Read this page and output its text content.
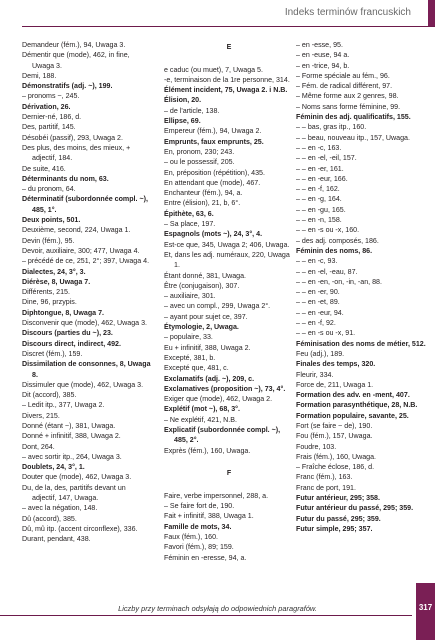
Indeks terminów francuskich
Demandeur (fém.), 94, Uwaga 3.
Démentir que (mode), 462, in fine, Uwaga 3.
Demi, 188.
Démonstratifs (adj. ~), 199.
– pronoms ~, 245.
Dérivation, 26.
Dernier-né, 186, d.
Des, partitif, 145.
Désobéi (passif), 293, Uwaga 2.
Des plus, des moins, des mieux, + adjectif, 184.
De suite, 416.
Déterminants du nom, 63.
– du pronom, 64.
Déterminatif (subordonnée compl. ~), 485, 1°.
Deux points, 501.
Deuxième, second, 224, Uwaga 1.
Devin (fém.), 95.
Devoir, auxiliaire, 300; 477, Uwaga 4.
– précédé de ce, 251, 2°; 397, Uwaga 4.
Dialectes, 24, 3°, 3.
Diérèse, 8, Uwaga 7.
Différents, 215.
Dine, 96, przypis.
Diphtongue, 8, Uwaga 7.
Disconvenir que (mode), 462, Uwaga 3.
Discours (parties du ~), 23.
Discours direct, indirect, 492.
Discret (fém.), 159.
Dissimilation de consonnes, 8, Uwaga 8.
Dissimuler que (mode), 462, Uwaga 3.
Dit (accord), 385.
– Ledit itp., 377, Uwaga 2.
Divers, 215.
Donné (étant ~), 381, Uwaga.
Donné + infinitif, 388, Uwaga 2.
Dont, 264.
– avec sortir itp., 264, Uwaga 3.
Doublets, 24, 3°, 1.
Douter que (mode), 462, Uwaga 3.
Du, de la, des, partitifs devant un adjectif, 147, Uwaga.
– avec la négation, 148.
Dû (accord), 385.
Dû, mû itp. (accent circonflexe), 336.
Durant, pendant, 438.
E
e caduc (ou muet), 7, Uwaga 5.
-e, terminaison de la 1re personne, 314.
Élément incident, 75, Uwaga 2. i N.B.
Élision, 20.
– de l'article, 138.
Ellipse, 69.
Empereur (fém.), 94, Uwaga 2.
Emprunts, faux emprunts, 25.
En, pronom, 230; 243.
– ou le possessif, 205.
En, préposition (répétition), 435.
En attendant que (mode), 467.
Enchanteur (fém.), 94, a.
Entre (élision), 21, b, 6°.
Épithète, 63, 6.
– Sa place, 197.
Espagnols (mots ~), 24, 3°, 4.
Est-ce que, 345, Uwaga 2; 406, Uwaga.
Et, dans les adj. numéraux, 220, Uwaga 1.
Étant donné, 381, Uwaga.
Être (conjugaison), 307.
– auxiliaire, 301.
– avec un compl., 299, Uwaga 2°.
– ayant pour sujet ce, 397.
Étymologie, 2, Uwaga.
– populaire, 33.
Eu + infinitif, 388, Uwaga 2.
Excepté, 381, b.
Excepté que, 481, c.
Exclamatifs (adj. ~), 209, c.
Exclamatives (proposition ~), 73, 4°.
Exiger que (mode), 462, Uwaga 2.
Explétif (mot ~), 68, 3°.
– Ne explétif, 421, N.B.
Explicatif (subordonnée compl. ~), 485, 2°.
Exprès (fém.), 160, Uwaga.
F
Faire, verbe impersonnel, 288, a.
– Se faire fort de, 190.
Fait + infinitif, 388, Uwaga 1.
Famille de mots, 34.
Faux (fém.), 160.
Favori (fém.), 89; 159.
Féminin en -eresse, 94, a.
– en -esse, 95.
– en -euse, 94 a.
– en -trice, 94, b.
– Forme spéciale au fém., 96.
– Fém. de radical différent, 97.
– Même forme aux 2 genres, 98.
– Noms sans forme féminine, 99.
Féminin des adj. qualificatifs, 155.
– – bas, gras itp., 160.
– – beau, nouveau itp., 157, Uwaga.
– – en -c, 163.
– – en -el, -eil, 157.
– – en -er, 161.
– – en -eur, 166.
– – en -f, 162.
– – en -g, 164.
– – en -gu, 165.
– – en -n, 158.
– – en -s ou -x, 160.
– des adj. composés, 186.
Féminin des noms, 86.
– – en -c, 93.
– – en -el, -eau, 87.
– – en -en, -on, -in, -an, 88.
– – en -er, 90.
– – en -et, 89.
– – en -eur, 94.
– – en -f, 92.
– – en -s ou -x, 91.
Féminisation des noms de métier, 512.
Feu (adj.), 189.
Finales des temps, 320.
Fleurir, 334.
Force de, 211, Uwaga 1.
Formation des adv. en -ment, 407.
Formation parasynthétique, 28, N.B.
Formation populaire, savante, 25.
Fort (se faire ~ de), 190.
Fou (fém.), 157, Uwaga.
Foudre, 103.
Frais (fém.), 160, Uwaga.
– Fraîche éclose, 186, d.
Franc (fém.), 163.
Franc de port, 191.
Futur antérieur, 295; 358.
Futur antérieur du passé, 295; 359.
Futur du passé, 295; 359.
Futur simple, 295; 357.
Liczby przy terminach odsyłają do odpowiednich paragrafów.	317
